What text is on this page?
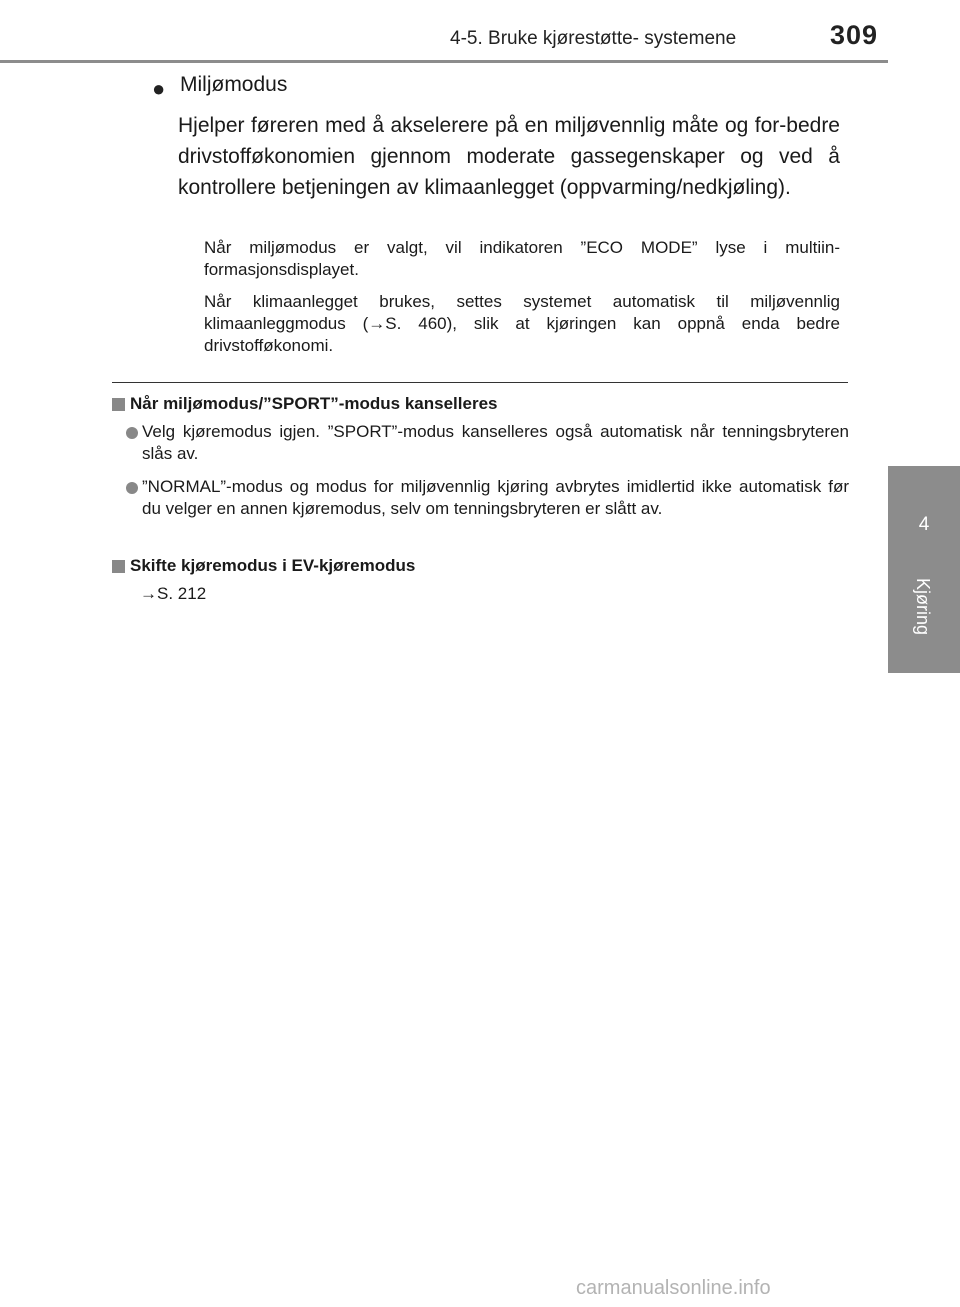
4-5. Bruke kjørestøtte- systemene	309
4
Kjøring
● Miljømodus
Hjelper føreren med å akselerere på en miljøvennlig måte og for-bedre drivstofføkonomien gjennom moderate gassegenskaper og ved å kontrollere betjeningen av klimaanlegget (oppvarming/nedkjøling).
Når miljømodus er valgt, vil indikatoren ”ECO MODE” lyse i multiin-formasjonsdisplayet.
Når klimaanlegget brukes, settes systemet automatisk til miljøvennlig klimaanleggmodus (→S. 460), slik at kjøringen kan oppnå enda bedre drivstofføkonomi.
Når miljømodus/”SPORT”-modus kanselleres
Velg kjøremodus igjen. ”SPORT”-modus kanselleres også automatisk når tenningsbryteren slås av.
”NORMAL”-modus og modus for miljøvennlig kjøring avbrytes imidlertid ikke automatisk før du velger en annen kjøremodus, selv om tenningsbryteren er slått av.
Skifte kjøremodus i EV-kjøremodus
→S. 212
carmanualsonline.info
